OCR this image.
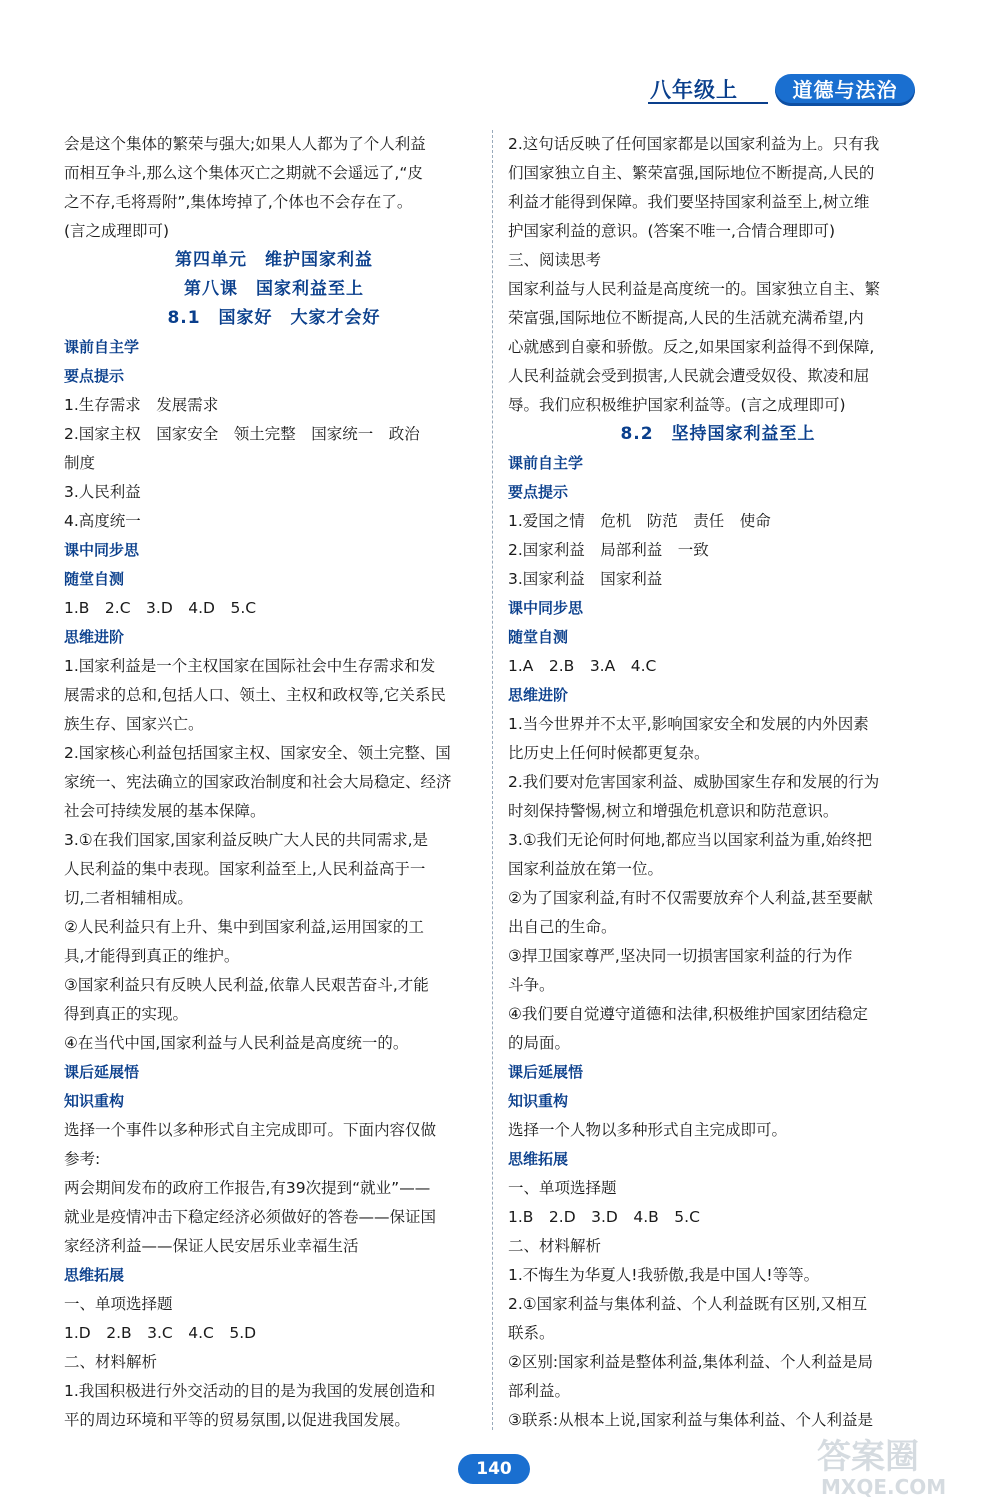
八年级上	道德与法治
会是这个集体的繁荣与强大;如果人人都为了个人利益
而相互争斗,那么这个集体灭亡之期就不会遥远了,“皮
之不存,毛将焉附”,集体垮掉了,个体也不会存在了。
(言之成理即可)
第四单元　维护国家利益
第八课　国家利益至上
8.1　国家好　大家才会好
课前自主学
要点提示
1.生存需求　发展需求
2.国家主权　国家安全　领土完整　国家统一　政治
制度
3.人民利益
4.高度统一
课中同步思
随堂自测
1.B　2.C　3.D　4.D　5.C
思维进阶
1.国家利益是一个主权国家在国际社会中生存需求和发
展需求的总和,包括人口、领土、主权和政权等,它关系民
族生存、国家兴亡。
2.国家核心利益包括国家主权、国家安全、领土完整、国
家统一、宪法确立的国家政治制度和社会大局稳定、经济
社会可持续发展的基本保障。
3.①在我们国家,国家利益反映广大人民的共同需求,是
人民利益的集中表现。国家利益至上,人民利益高于一
切,二者相辅相成。
②人民利益只有上升、集中到国家利益,运用国家的工
具,才能得到真正的维护。
③国家利益只有反映人民利益,依靠人民艰苦奋斗,才能
得到真正的实现。
④在当代中国,国家利益与人民利益是高度统一的。
课后延展悟
知识重构
选择一个事件以多种形式自主完成即可。下面内容仅做
参考:
两会期间发布的政府工作报告,有39次提到“就业”——
就业是疫情冲击下稳定经济必须做好的答卷——保证国
家经济利益——保证人民安居乐业幸福生活
思维拓展
一、单项选择题
1.D　2.B　3.C　4.C　5.D
二、材料解析
1.我国积极进行外交活动的目的是为我国的发展创造和
平的周边环境和平等的贸易氛围,以促进我国发展。
2.这句话反映了任何国家都是以国家利益为上。只有我
们国家独立自主、繁荣富强,国际地位不断提高,人民的
利益才能得到保障。我们要坚持国家利益至上,树立维
护国家利益的意识。(答案不唯一,合情合理即可)
三、阅读思考
国家利益与人民利益是高度统一的。国家独立自主、繁
荣富强,国际地位不断提高,人民的生活就充满希望,内
心就感到自豪和骄傲。反之,如果国家利益得不到保障,
人民利益就会受到损害,人民就会遭受奴役、欺凌和屈
辱。我们应积极维护国家利益等。(言之成理即可)
8.2　坚持国家利益至上
课前自主学
要点提示
1.爱国之情　危机　防范　责任　使命
2.国家利益　局部利益　一致
3.国家利益　国家利益
课中同步思
随堂自测
1.A　2.B　3.A　4.C
思维进阶
1.当今世界并不太平,影响国家安全和发展的内外因素
比历史上任何时候都更复杂。
2.我们要对危害国家利益、威胁国家生存和发展的行为
时刻保持警惕,树立和增强危机意识和防范意识。
3.①我们无论何时何地,都应当以国家利益为重,始终把
国家利益放在第一位。
②为了国家利益,有时不仅需要放弃个人利益,甚至要献
出自己的生命。
③捍卫国家尊严,坚决同一切损害国家利益的行为作
斗争。
④我们要自觉遵守道德和法律,积极维护国家团结稳定
的局面。
课后延展悟
知识重构
选择一个人物以多种形式自主完成即可。
思维拓展
一、单项选择题
1.B　2.D　3.D　4.B　5.C
二、材料解析
1.不悔生为华夏人!我骄傲,我是中国人!等等。
2.①国家利益与集体利益、个人利益既有区别,又相互
联系。
②区别:国家利益是整体利益,集体利益、个人利益是局
部利益。
③联系:从根本上说,国家利益与集体利益、个人利益是
140	答案圈
MXQE.COM
